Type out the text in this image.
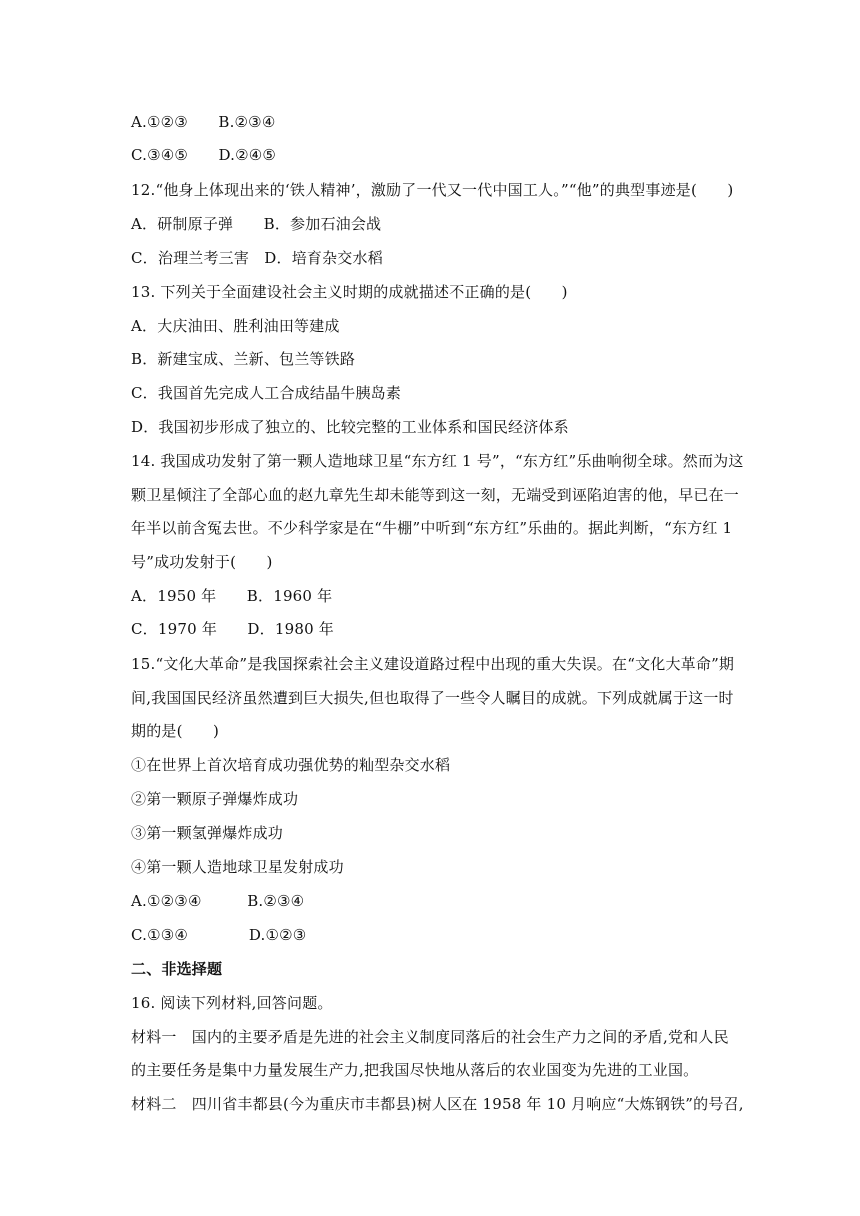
A.①②③　　B.②③④
C.③④⑤　　D.②④⑤
12.“他身上体现出来的‘铁人精神’，激励了一代又一代中国工人。”“他”的典型事迹是(　　)
A．研制原子弹　　B．参加石油会战
C．治理兰考三害　D．培育杂交水稻
13. 下列关于全面建设社会主义时期的成就描述不正确的是(　　)
A．大庆油田、胜利油田等建成
B．新建宝成、兰新、包兰等铁路
C．我国首先完成人工合成结晶牛胰岛素
D．我国初步形成了独立的、比较完整的工业体系和国民经济体系
14. 我国成功发射了第一颗人造地球卫星“东方红 1 号”，“东方红”乐曲响彻全球。然而为这
颗卫星倾注了全部心血的赵九章先生却未能等到这一刻，无端受到诬陷迫害的他，早已在一
年半以前含冤去世。不少科学家是在“牛棚”中听到“东方红”乐曲的。据此判断，“东方红 1
号”成功发射于(　　)
A．1950 年　　B．1960 年
C．1970 年　　D．1980 年
15.“文化大革命”是我国探索社会主义建设道路过程中出现的重大失误。在“文化大革命”期
间,我国国民经济虽然遭到巨大损失,但也取得了一些令人瞩目的成就。下列成就属于这一时
期的是(　　)
①在世界上首次培育成功强优势的籼型杂交水稻
②第一颗原子弹爆炸成功
③第一颗氢弹爆炸成功
④第一颗人造地球卫星发射成功
A.①②③④　　　B.②③④
C.①③④　　　　D.①②③
二、非选择题
16. 阅读下列材料,回答问题。
材料一　国内的主要矛盾是先进的社会主义制度同落后的社会生产力之间的矛盾,党和人民
的主要任务是集中力量发展生产力,把我国尽快地从落后的农业国变为先进的工业国。
材料二　四川省丰都县(今为重庆市丰都县)树人区在 1958 年 10 月响应“大炼钢铁”的号召,
